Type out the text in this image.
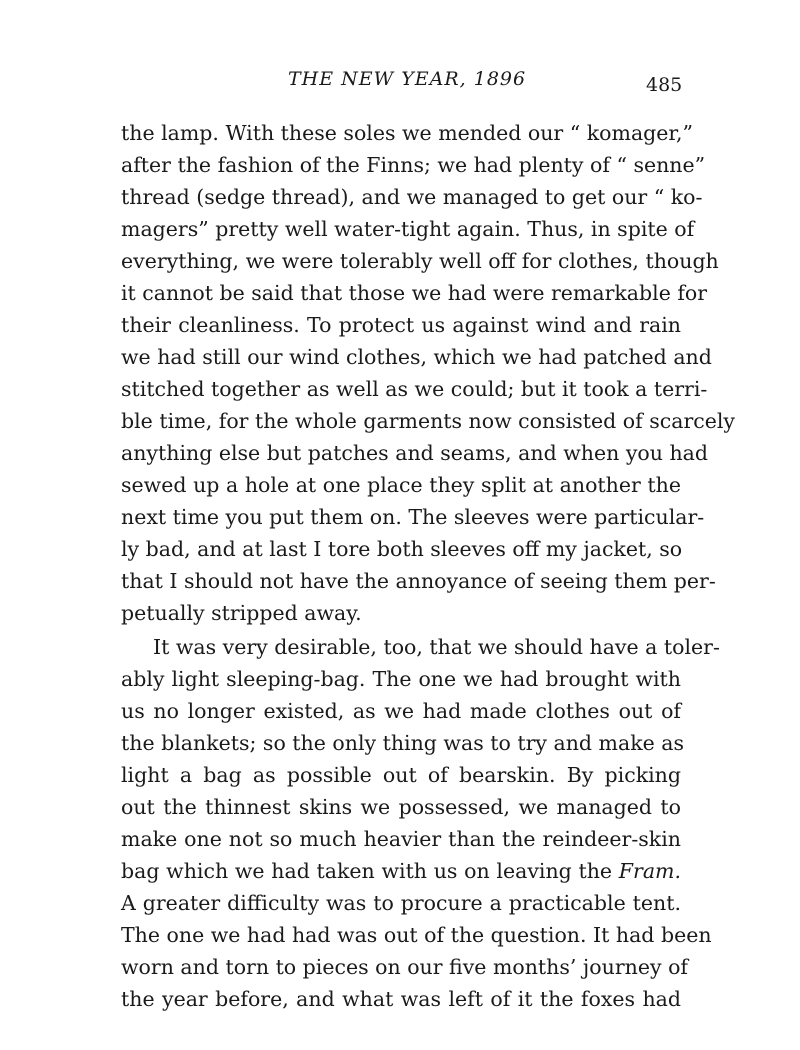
THE NEW YEAR, 1896	485
the lamp. With these soles we mended our “ komager,”
after the fashion of the Finns; we had plenty of “ senne”
thread (sedge thread), and we managed to get our “ ko-
magers” pretty well water-tight again. Thus, in spite of
everything, we were tolerably well off for clothes, though
it cannot be said that those we had were remarkable for
their cleanliness. To protect us against wind and rain
we had still our wind clothes, which we had patched and
stitched together as well as we could; but it took a terri-
ble time, for the whole garments now consisted of scarcely
anything else but patches and seams, and when you had
sewed up a hole at one place they split at another the
next time you put them on. The sleeves were particular-
ly bad, and at last I tore both sleeves off my jacket, so
that I should not have the annoyance of seeing them per-
petually stripped away.
It was very desirable, too, that we should have a toler-
ably light sleeping-bag. The one we had brought with
us no longer existed, as we had made clothes out of
the blankets; so the only thing was to try and make as
light a bag as possible out of bearskin. By picking
out the thinnest skins we possessed, we managed to
make one not so much heavier than the reindeer-skin
bag which we had taken with us on leaving the Fram.
A greater difficulty was to procure a practicable tent.
The one we had had was out of the question. It had been
worn and torn to pieces on our five months’ journey of
the year before, and what was left of it the foxes had
